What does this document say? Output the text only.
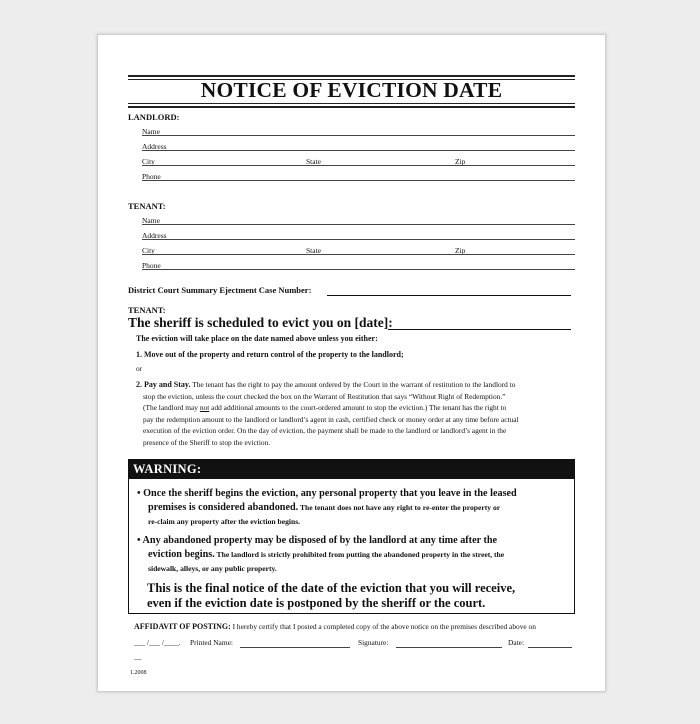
NOTICE OF EVICTION DATE
LANDLORD:
Name
Address
City	State	Zip
Phone
TENANT:
Name
Address
City	State	Zip
Phone
District Court Summary Ejectment Case Number:
TENANT:
The sheriff is scheduled to evict you on [date]:
The eviction will take place on the date named above unless you either:
1. Move out of the property and return control of the property to the landlord;
or
2. Pay and Stay. The tenant has the right to pay the amount ordered by the Court in the warrant of restitution to the landlord to
stop the eviction, unless the court checked the box on the Warrant of Restitution that says “Without Right of Redemption.”
(The landlord may not add additional amounts to the court-ordered amount to stop the eviction.) The tenant has the right to
pay the redemption amount to the landlord or landlord’s agent in cash, certified check or money order at any time before actual
execution of the eviction order. On the day of eviction, the payment shall be made to the landlord or landlord’s agent in the
presence of the Sheriff to stop the eviction.
WARNING:
• Once the sheriff begins the eviction, any personal property that you leave in the leased
premises is considered abandoned. The tenant does not have any right to re-enter the property or
re-claim any property after the eviction begins.
• Any abandoned property may be disposed of by the landlord at any time after the
eviction begins. The landlord is strictly prohibited from putting the abandoned property in the street, the
sidewalk, alleys, or any public property.
This is the final notice of the date of the eviction that you will receive,
even if the eviction date is postponed by the sheriff or the court.
AFFIDAVIT OF POSTING: I hereby certify that I posted a completed copy of the above notice on the premises described above on
___ /___ /____. Printed Name:	Signature:	Date:
__
1.2008
